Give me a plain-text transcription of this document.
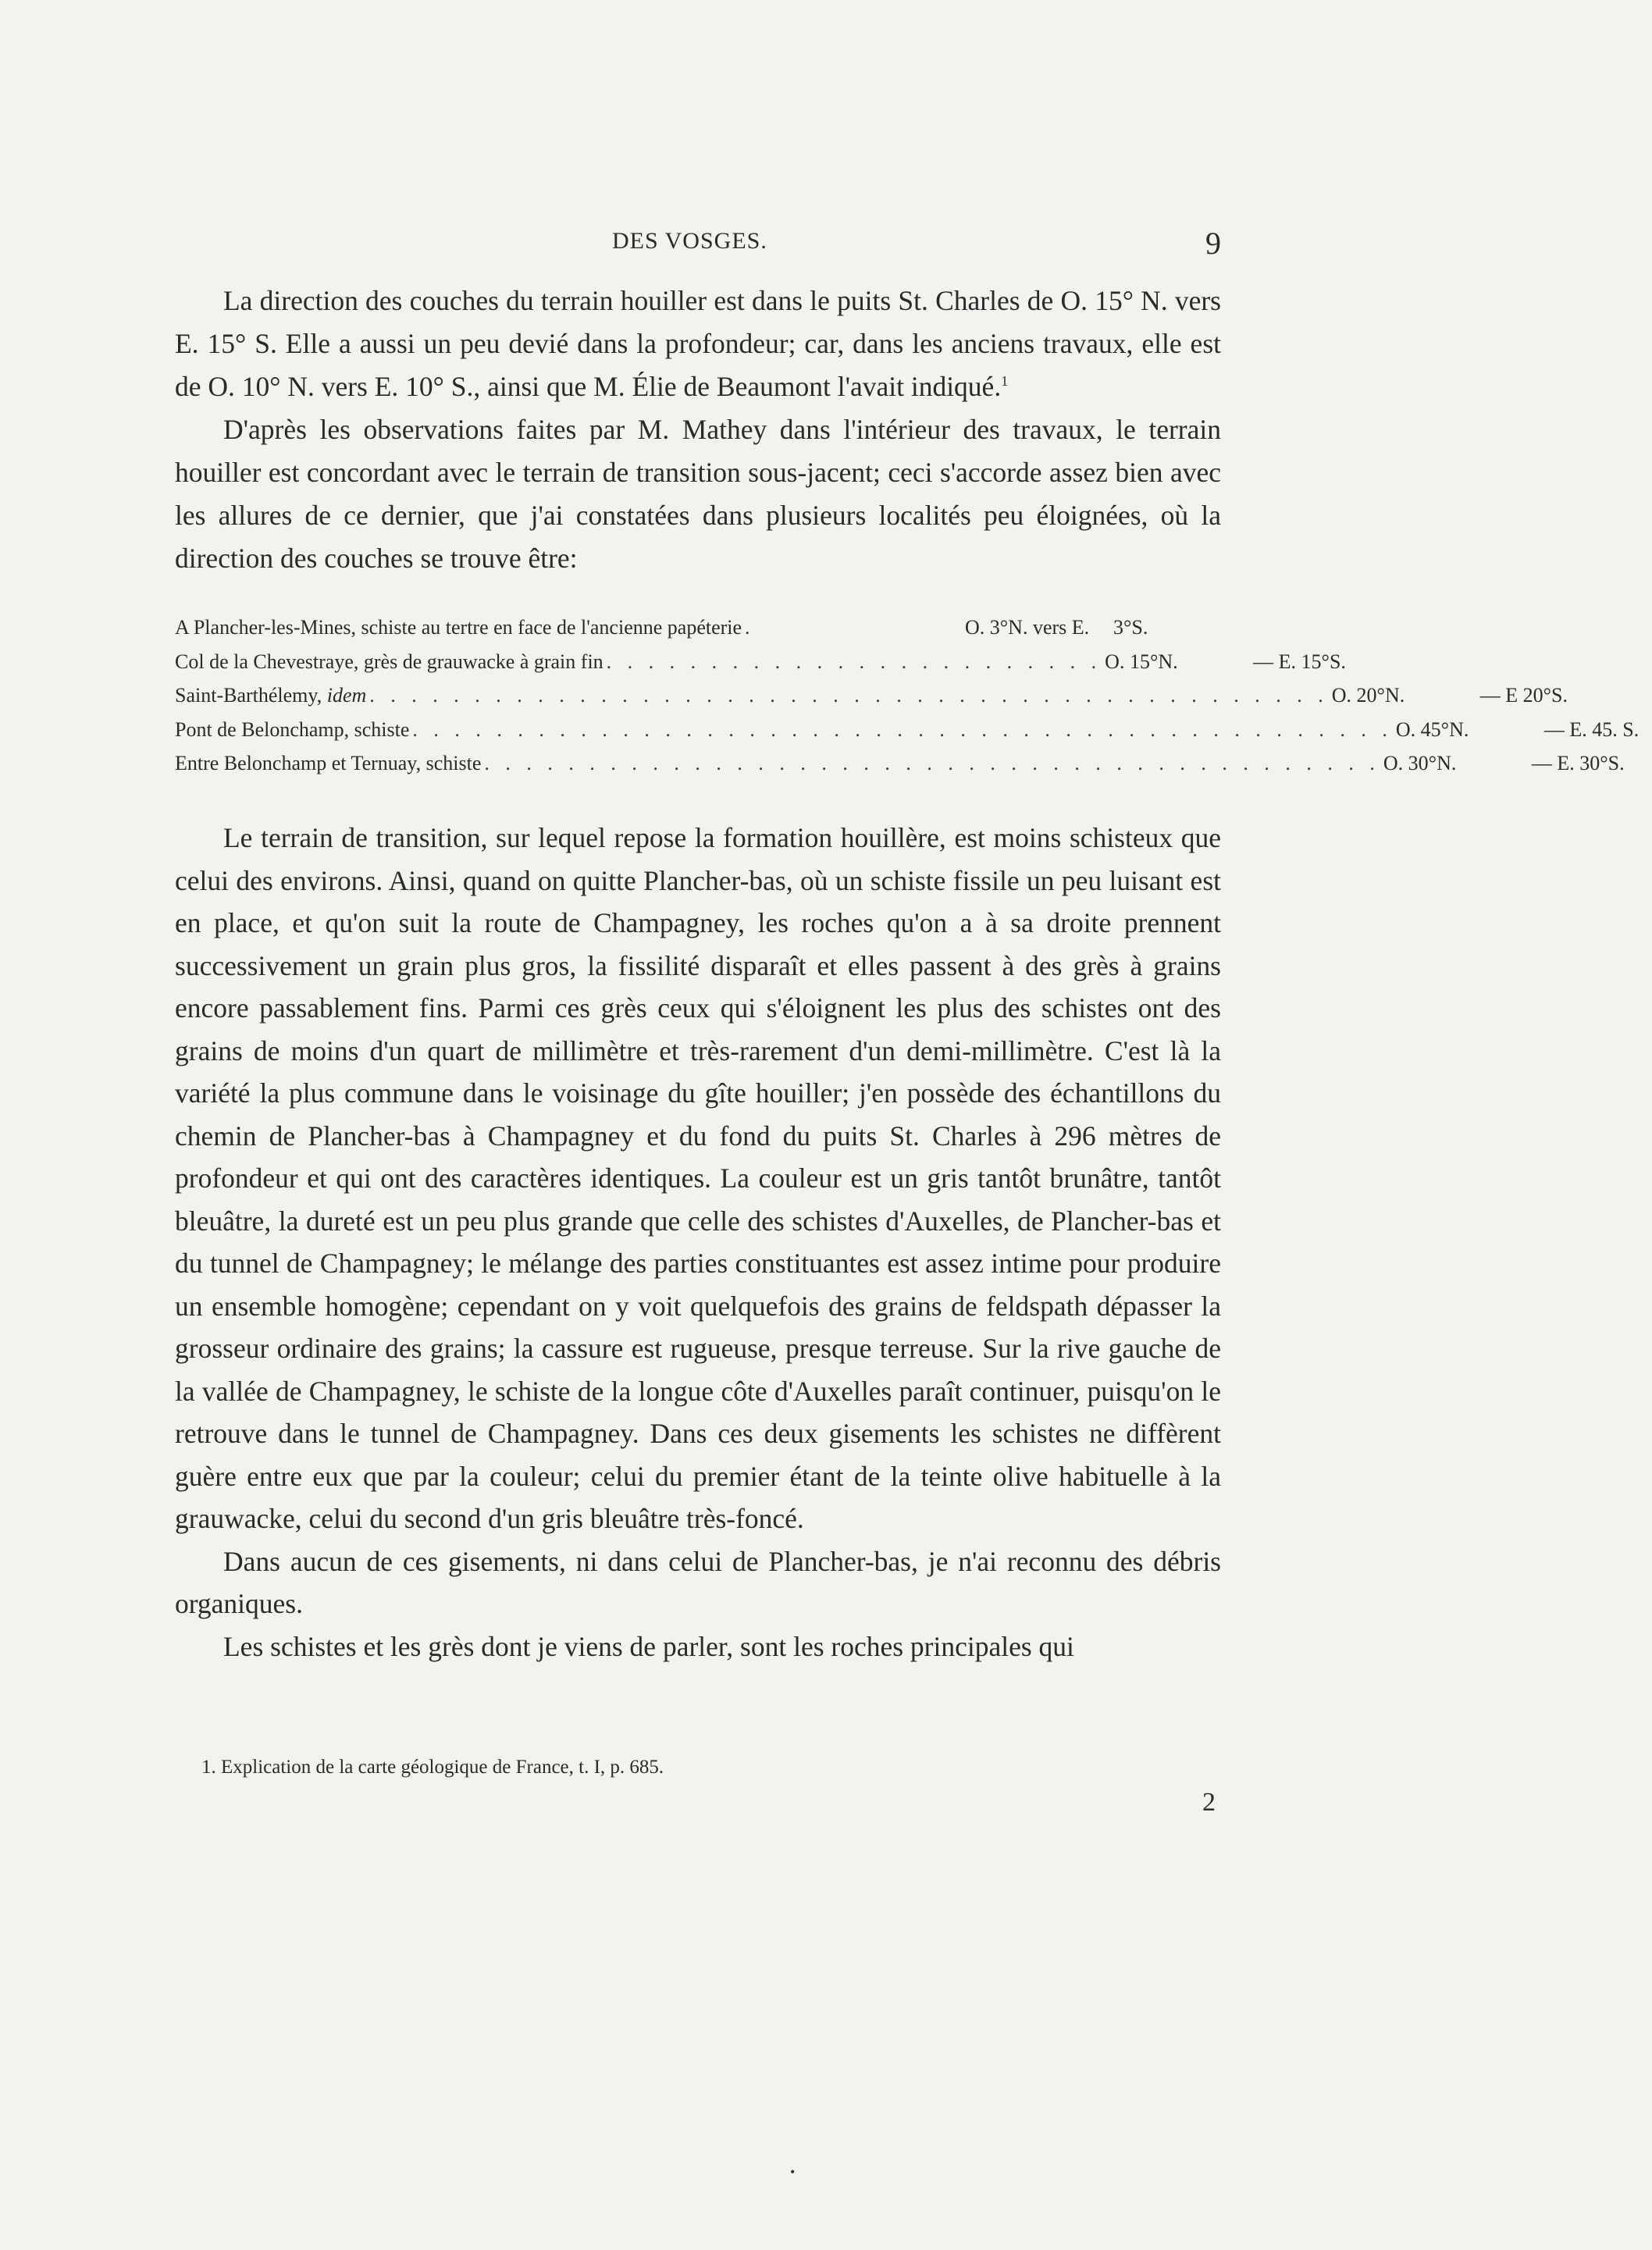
DES VOSGES.	9

La direction des couches du terrain houiller est dans le puits St. Charles de O. 15° N. vers E. 15° S. Elle a aussi un peu devié dans la profondeur; car, dans les anciens travaux, elle est de O. 10° N. vers E. 10° S., ainsi que M. Élie de Beaumont l'avait indiqué.$^1$

D'après les observations faites par M. Mathey dans l'intérieur des travaux, le terrain houiller est concordant avec le terrain de transition sous-jacent; ceci s'accorde assez bien avec les allures de ce dernier, que j'ai constatées dans plusieurs localités peu éloignées, où la direction des couches se trouve être:

A Plancher-les-Mines, schiste au tertre en face de l'ancienne papéterie .	O. 3°N. vers E.	3°S.
Col de la Chevestraye, grès de grauwacke à grain fin . . . . . . . . . . . . . . . . . . . . . . . . O. 15°N.	— E. 15°S.
Saint-Barthélemy, idem . . . . . . . . . . . . . . . . . . . . . . . . . . . . . . . . . . . . . . . . . . . . . . O. 20°N.	— E 20°S.
Pont de Belonchamp, schiste . . . . . . . . . . . . . . . . . . . . . . . . . . . . . . . . . . . . . . . . . . . . . . . O. 45°N.	— E. 45. S.
Entre Belonchamp et Ternuay, schiste . . . . . . . . . . . . . . . . . . . . . . . . . . . . . . . . . . . . . . . . . . . O. 30°N.	— E. 30°S.

Le terrain de transition, sur lequel repose la formation houillère, est moins schisteux que celui des environs. Ainsi, quand on quitte Plancher-bas, où un schiste fissile un peu luisant est en place, et qu'on suit la route de Champagney, les roches qu'on a à sa droite prennent successivement un grain plus gros, la fissilité disparaît et elles passent à des grès à grains encore passablement fins. Parmi ces grès ceux qui s'éloignent les plus des schistes ont des grains de moins d'un quart de millimètre et très-rarement d'un demi-millimètre. C'est là la variété la plus commune dans le voisinage du gîte houiller; j'en possède des échantillons du chemin de Plancher-bas à Champagney et du fond du puits St. Charles à 296 mètres de profondeur et qui ont des caractères identiques. La couleur est un gris tantôt brunâtre, tantôt bleuâtre, la dureté est un peu plus grande que celle des schistes d'Auxelles, de Plancher-bas et du tunnel de Champagney; le mélange des parties constituantes est assez intime pour produire un ensemble homogène; cependant on y voit quelquefois des grains de feldspath dépasser la grosseur ordinaire des grains; la cassure est rugueuse, presque terreuse. Sur la rive gauche de la vallée de Champagney, le schiste de la longue côte d'Auxelles paraît continuer, puisqu'on le retrouve dans le tunnel de Champagney. Dans ces deux gisements les schistes ne diffèrent guère entre eux que par la couleur; celui du premier étant de la teinte olive habituelle à la grauwacke, celui du second d'un gris bleuâtre très-foncé.

Dans aucun de ces gisements, ni dans celui de Plancher-bas, je n'ai reconnu des débris organiques.

Les schistes et les grès dont je viens de parler, sont les roches principales qui

1. Explication de la carte géologique de France, t. I, p. 685.
2
•
